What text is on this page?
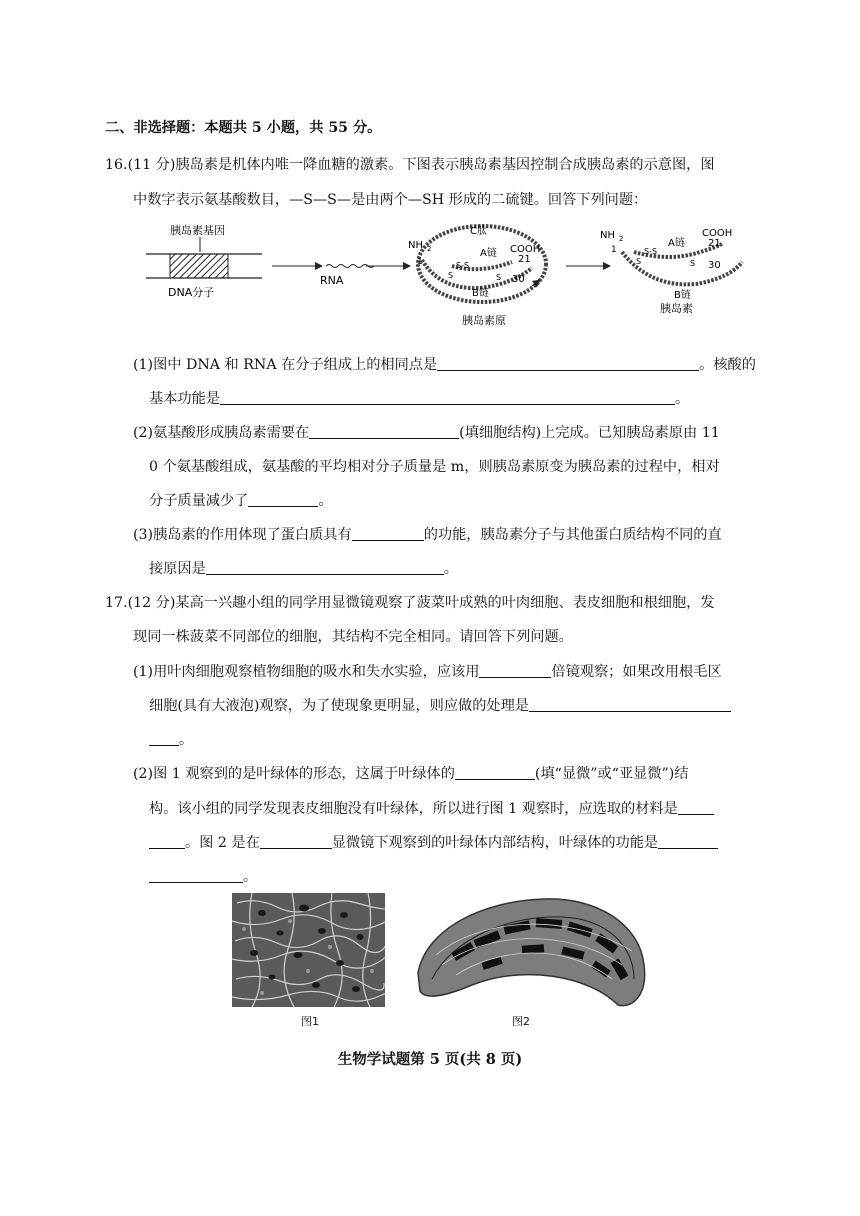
二、非选择题：本题共 5 小题，共 55 分。
16.(11 分)胰岛素是机体内唯一降血糖的激素。下图表示胰岛素基因控制合成胰岛素的示意图，图
中数字表示氨基酸数目，—S—S—是由两个—SH 形成的二硫键。回答下列问题：
胰岛素基因
DNA分子
RNA
C肽
NH 2
1
A链 COOH
21
30
S-S
S	S
B链
胰岛素原
NH 2
1
A链
COOH
21
30
S-S
S	S
B链
胰岛素
(1)图中 DNA 和 RNA 在分子组成上的相同点是	。核酸的
基本功能是	。
(2)氨基酸形成胰岛素需要在	(填细胞结构)上完成。已知胰岛素原由 11
0 个氨基酸组成，氨基酸的平均相对分子质量是 m，则胰岛素原变为胰岛素的过程中，相对
分子质量减少了	。
(3)胰岛素的作用体现了蛋白质具有	的功能，胰岛素分子与其他蛋白质结构不同的直
接原因是	。
17.(12 分)某高一兴趣小组的同学用显微镜观察了菠菜叶成熟的叶肉细胞、表皮细胞和根细胞，发
现同一株菠菜不同部位的细胞，其结构不完全相同。请回答下列问题。
(1)用叶肉细胞观察植物细胞的吸水和失水实验，应该用	倍镜观察；如果改用根毛区
细胞(具有大液泡)观察，为了使现象更明显，则应做的处理是
。
(2)图 1 观察到的是叶绿体的形态，这属于叶绿体的	(填“显微”或“亚显微”)结
构。该小组的同学发现表皮细胞没有叶绿体，所以进行图 1 观察时，应选取的材料是
。图 2 是在	显微镜下观察到的叶绿体内部结构，叶绿体的功能是
。
图1	图2
生物学试题第 5 页(共 8 页)
